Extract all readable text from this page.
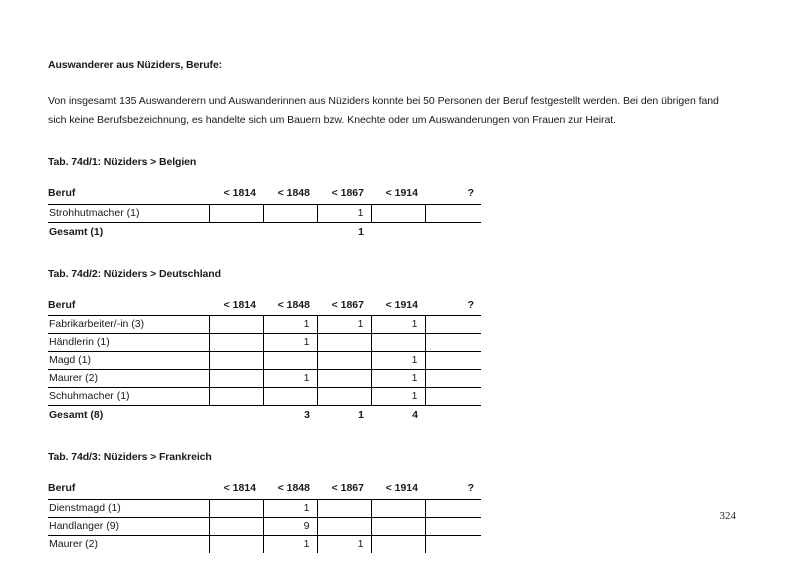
Auswanderer aus Nüziders, Berufe:

Von insgesamt 135 Auswanderern und Auswanderinnen aus Nüziders konnte bei 50 Personen der Beruf festgestellt werden. Bei den übrigen fand sich keine Berufsbezeichnung, es handelte sich um Bauern bzw. Knechte oder um Auswanderungen von Frauen zur Heirat.

Tab. 74d/1: Nüziders > Belgien
Beruf	< 1814	< 1848	< 1867	< 1914	?
Strohhutmacher (1)			1		
Gesamt (1)			1		
Tab. 74d/2: Nüziders > Deutschland
Beruf	< 1814	< 1848	< 1867	< 1914	?
Fabrikarbeiter/-in (3)		1	1	1	
Händlerin (1)		1			
Magd (1)				1	
Maurer (2)		1		1	
Schuhmacher (1)				1	
Gesamt (8)		3	1	4	
Tab. 74d/3: Nüziders > Frankreich
Beruf	< 1814	< 1848	< 1867	< 1914	?
Dienstmagd (1)		1			
Handlanger (9)		9			
Maurer (2)		1	1		
324
